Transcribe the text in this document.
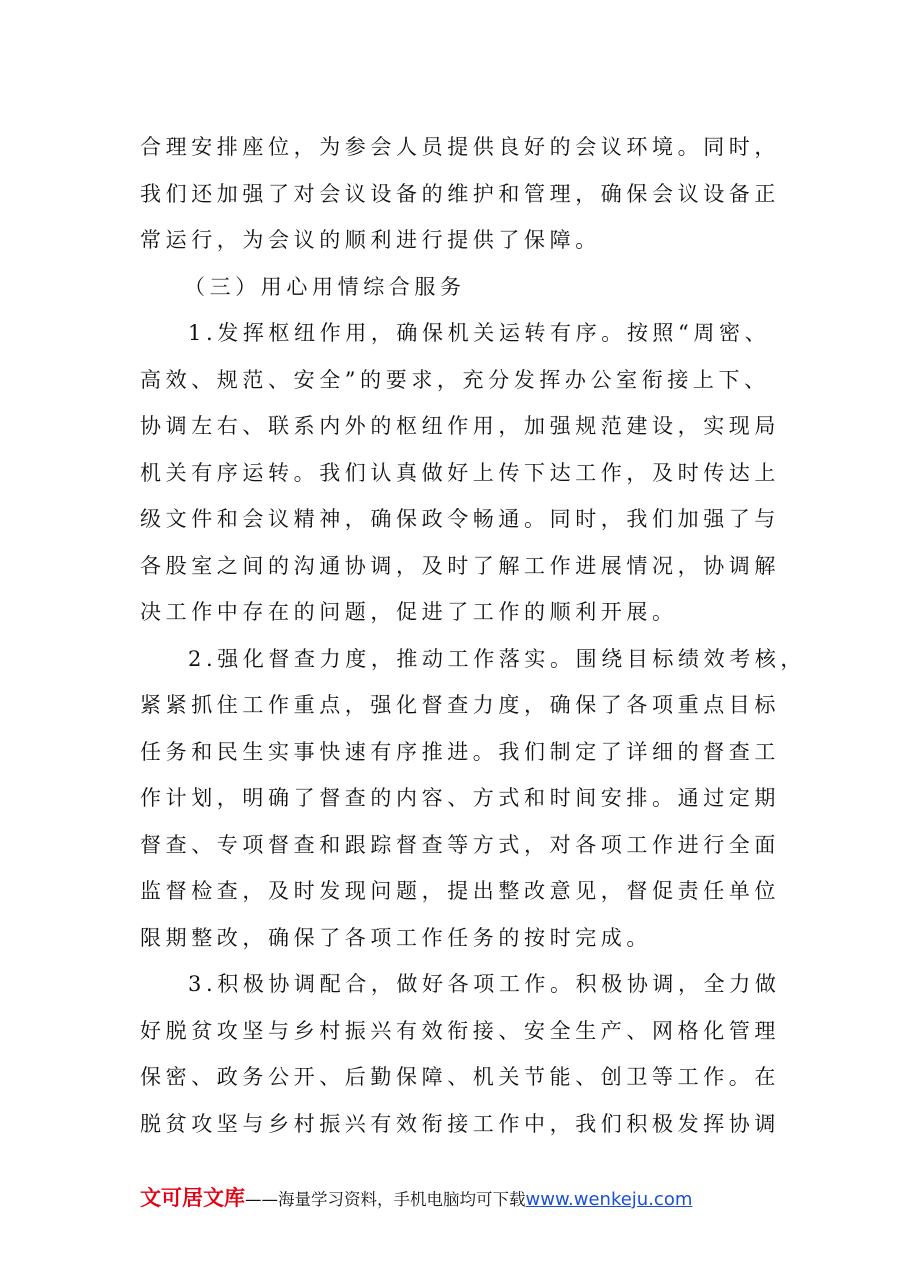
合理安排座位，为参会人员提供良好的会议环境。同时，
我们还加强了对会议设备的维护和管理，确保会议设备正
常运行，为会议的顺利进行提供了保障。
（三）用心用情综合服务
1.发挥枢纽作用，确保机关运转有序。按照“周密、
高效、规范、安全”的要求，充分发挥办公室衔接上下、
协调左右、联系内外的枢纽作用，加强规范建设，实现局
机关有序运转。我们认真做好上传下达工作，及时传达上
级文件和会议精神，确保政令畅通。同时，我们加强了与
各股室之间的沟通协调，及时了解工作进展情况，协调解
决工作中存在的问题，促进了工作的顺利开展。
2.强化督查力度，推动工作落实。围绕目标绩效考核，
紧紧抓住工作重点，强化督查力度，确保了各项重点目标
任务和民生实事快速有序推进。我们制定了详细的督查工
作计划，明确了督查的内容、方式和时间安排。通过定期
督查、专项督查和跟踪督查等方式，对各项工作进行全面
监督检查，及时发现问题，提出整改意见，督促责任单位
限期整改，确保了各项工作任务的按时完成。
3.积极协调配合，做好各项工作。积极协调，全力做
好脱贫攻坚与乡村振兴有效衔接、安全生产、网格化管理
保密、政务公开、后勤保障、机关节能、创卫等工作。在
脱贫攻坚与乡村振兴有效衔接工作中，我们积极发挥协调
文可居文库——海量学习资料，手机电脑均可下载www.wenkeju.com
